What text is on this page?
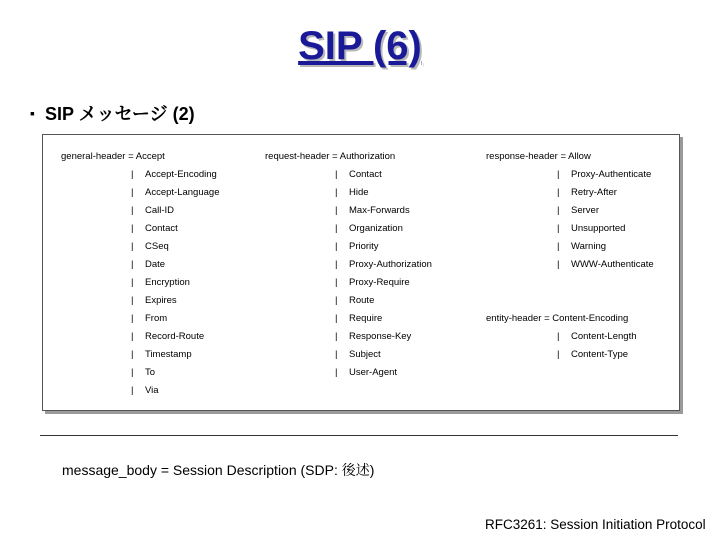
SIP (6)
▪ SIP メッセージ (2)
general-header = Accept	request-header = Authorization	response-header = Allow
entity-header = Content-Encoding
| Accept-Encoding
| Accept-Language
| Call-ID
| Contact
| CSeq
| Date
| Encryption
| Expires
| From
| Record-Route
| Timestamp
| To
| Via
| Contact
| Hide
| Max-Forwards
| Organization
| Priority
| Proxy-Authorization
| Proxy-Require
| Route
| Require
| Response-Key
| Subject
| User-Agent
| Proxy-Authenticate
| Retry-After
| Server
| Unsupported
| Warning
| WWW-Authenticate
| Content-Length
| Content-Type
message_body = Session Description (SDP: 後述)
RFC3261: Session Initiation Protocol
